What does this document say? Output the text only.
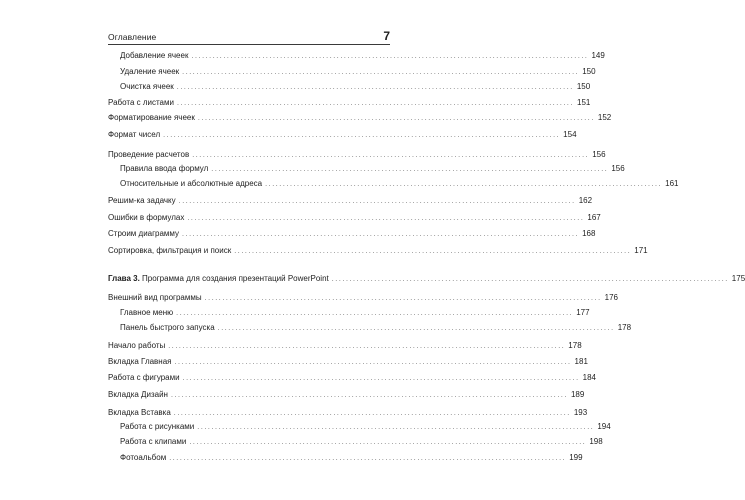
Оглавление	7
Добавление ячеек ................................................................................................................ 149
Удаление ячеек ................................................................................................................ 150
Очистка ячеек ................................................................................................................ 150
Работа с листами ................................................................................................................ 151
Форматирование ячеек ................................................................................................................ 152
Формат чисел ................................................................................................................ 154
Проведение расчетов ................................................................................................................ 156
Правила ввода формул ................................................................................................................ 156
Относительные и абсолютные адреса ................................................................................................................ 161
Решим-ка задачку ................................................................................................................ 162
Ошибки в формулах ................................................................................................................ 167
Строим диаграмму ................................................................................................................ 168
Сортировка, фильтрация и поиск ................................................................................................................ 171
Глава 3. Программа для создания презентаций PowerPoint ................................................................................................................ 175
Внешний вид программы ................................................................................................................ 176
Главное меню ................................................................................................................ 177
Панель быстрого запуска ................................................................................................................ 178
Начало работы ................................................................................................................ 178
Вкладка Главная ................................................................................................................ 181
Работа с фигурами ................................................................................................................ 184
Вкладка Дизайн ................................................................................................................ 189
Вкладка Вставка ................................................................................................................ 193
Работа с рисунками ................................................................................................................ 194
Работа с клипами ................................................................................................................ 198
Фотоальбом ................................................................................................................ 199
